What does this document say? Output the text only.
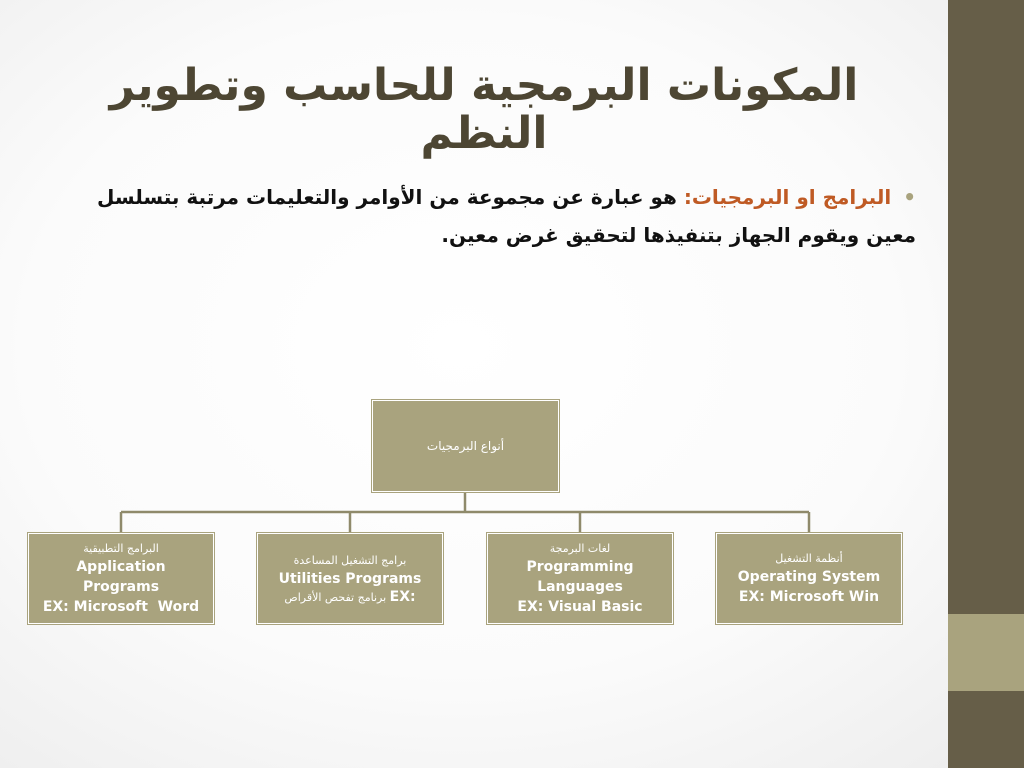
المكونات البرمجية للحاسب وتطوير النظم
•البرامج او البرمجيات: هو عبارة عن مجموعة من الأوامر والتعليمات مرتبة بتسلسل معين ويقوم الجهاز بتنفيذها لتحقيق غرض معين.
أنواع البرمجيات
البرامج التطبيقية
Application
Programs
EX: Microsoft  Word
برامج التشغيل المساعدة
Utilities Programs
EX: برنامج تفحص الأقراص
لغات البرمجة
Programming
Languages
EX: Visual Basic
أنظمة التشغيل
Operating System
EX: Microsoft Win
